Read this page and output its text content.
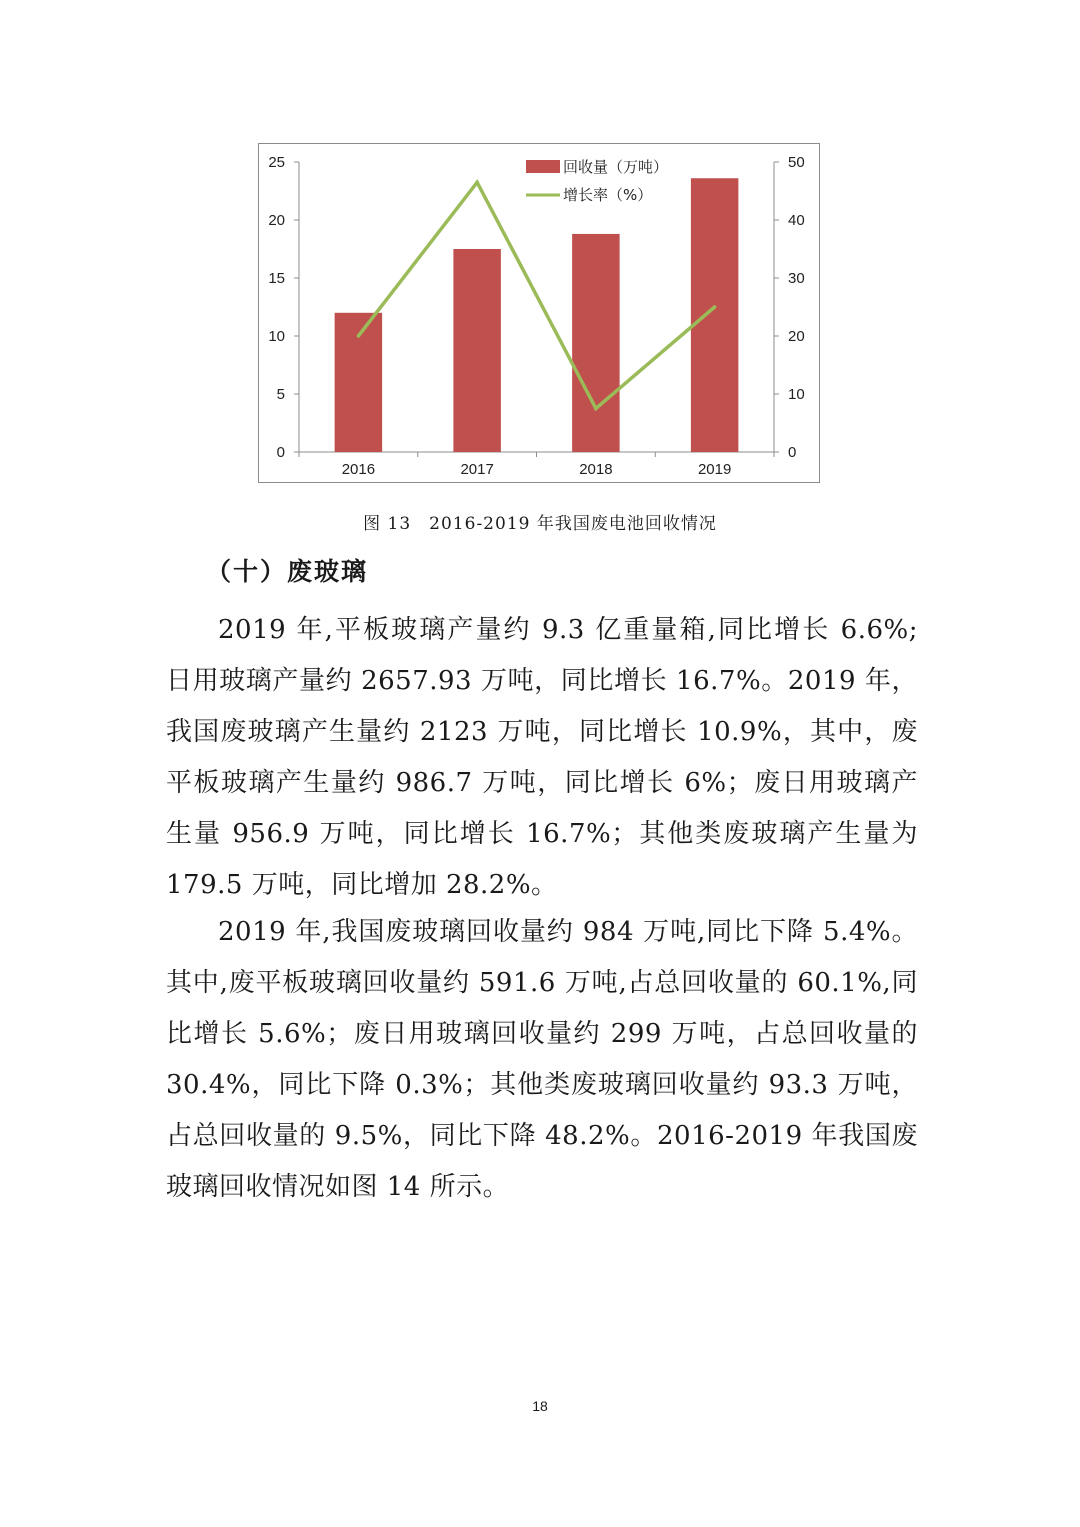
0
5
10
15
20
25
0
10
20
30
40
50
2016	2017	2018	2019
回收量（万吨）
增长率（%）
图 13　2016-2019 年我国废电池回收情况
（十）废玻璃

2019 年,平板玻璃产量约 9.3 亿重量箱,同比增长 6.6%; 日用玻璃产量约 2657.93 万吨，同比增长 16.7%。2019 年，我国废玻璃产生量约 2123 万吨，同比增长 10.9%，其中，废平板玻璃产生量约 986.7 万吨，同比增长 6%；废日用玻璃产生量 956.9 万吨，同比增长 16.7%；其他类废玻璃产生量为 179.5 万吨，同比增加 28.2%。

2019 年,我国废玻璃回收量约 984 万吨,同比下降 5.4%。其中,废平板玻璃回收量约 591.6 万吨,占总回收量的 60.1%,同比增长 5.6%；废日用玻璃回收量约 299 万吨，占总回收量的 30.4%，同比下降 0.3%；其他类废玻璃回收量约 93.3 万吨，占总回收量的 9.5%，同比下降 48.2%。2016-2019 年我国废玻璃回收情况如图 14 所示。

18
